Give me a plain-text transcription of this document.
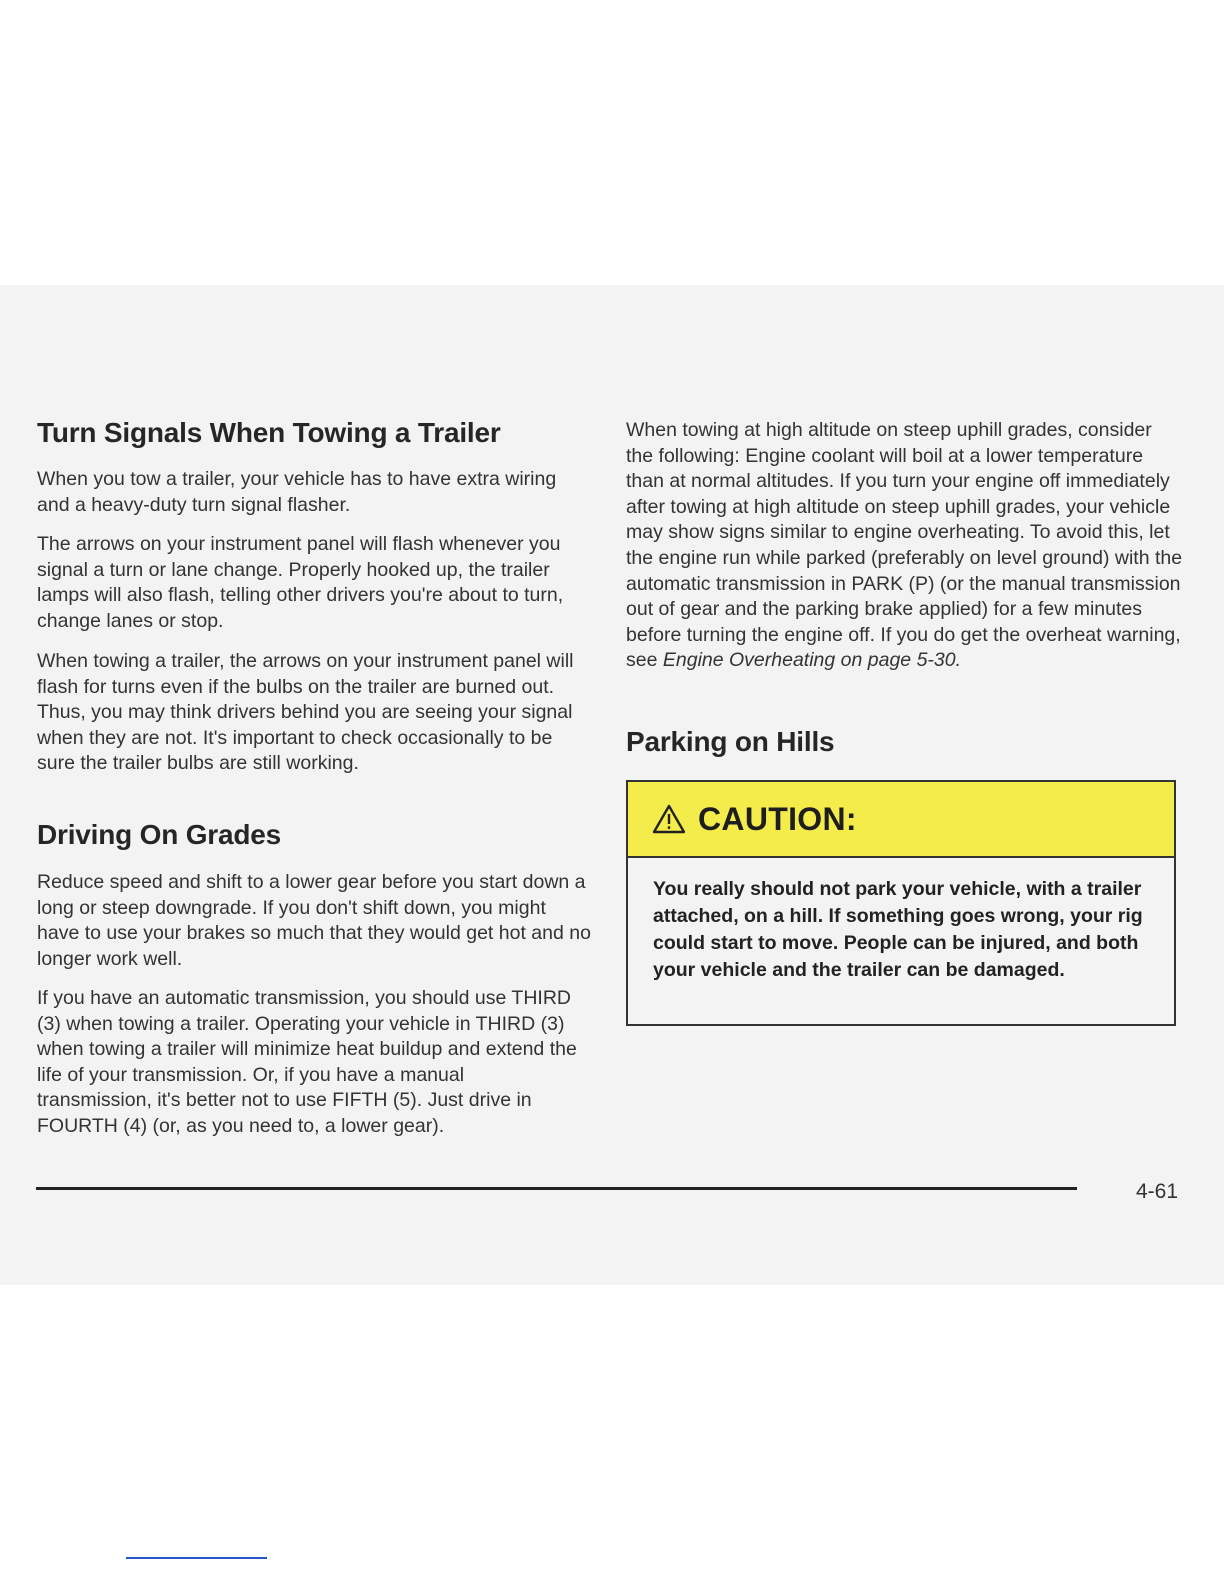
Turn Signals When Towing a Trailer

When you tow a trailer, your vehicle has to have extra wiring and a heavy-duty turn signal flasher.

The arrows on your instrument panel will flash whenever you signal a turn or lane change. Properly hooked up, the trailer lamps will also flash, telling other drivers you're about to turn, change lanes or stop.

When towing a trailer, the arrows on your instrument panel will flash for turns even if the bulbs on the trailer are burned out. Thus, you may think drivers behind you are seeing your signal when they are not. It's important to check occasionally to be sure the trailer bulbs are still working.

Driving On Grades

Reduce speed and shift to a lower gear before you start down a long or steep downgrade. If you don't shift down, you might have to use your brakes so much that they would get hot and no longer work well.

If you have an automatic transmission, you should use THIRD (3) when towing a trailer. Operating your vehicle in THIRD (3) when towing a trailer will minimize heat buildup and extend the life of your transmission. Or, if you have a manual transmission, it's better not to use FIFTH (5). Just drive in FOURTH (4) (or, as you need to, a lower gear).

When towing at high altitude on steep uphill grades, consider the following: Engine coolant will boil at a lower temperature than at normal altitudes. If you turn your engine off immediately after towing at high altitude on steep uphill grades, your vehicle may show signs similar to engine overheating. To avoid this, let the engine run while parked (preferably on level ground) with the automatic transmission in PARK (P) (or the manual transmission out of gear and the parking brake applied) for a few minutes before turning the engine off. If you do get the overheat warning, see Engine Overheating on page 5-30.

Parking on Hills
CAUTION:
You really should not park your vehicle, with a trailer attached, on a hill. If something goes wrong, your rig could start to move. People can be injured, and both your vehicle and the trailer can be damaged.
4-61
